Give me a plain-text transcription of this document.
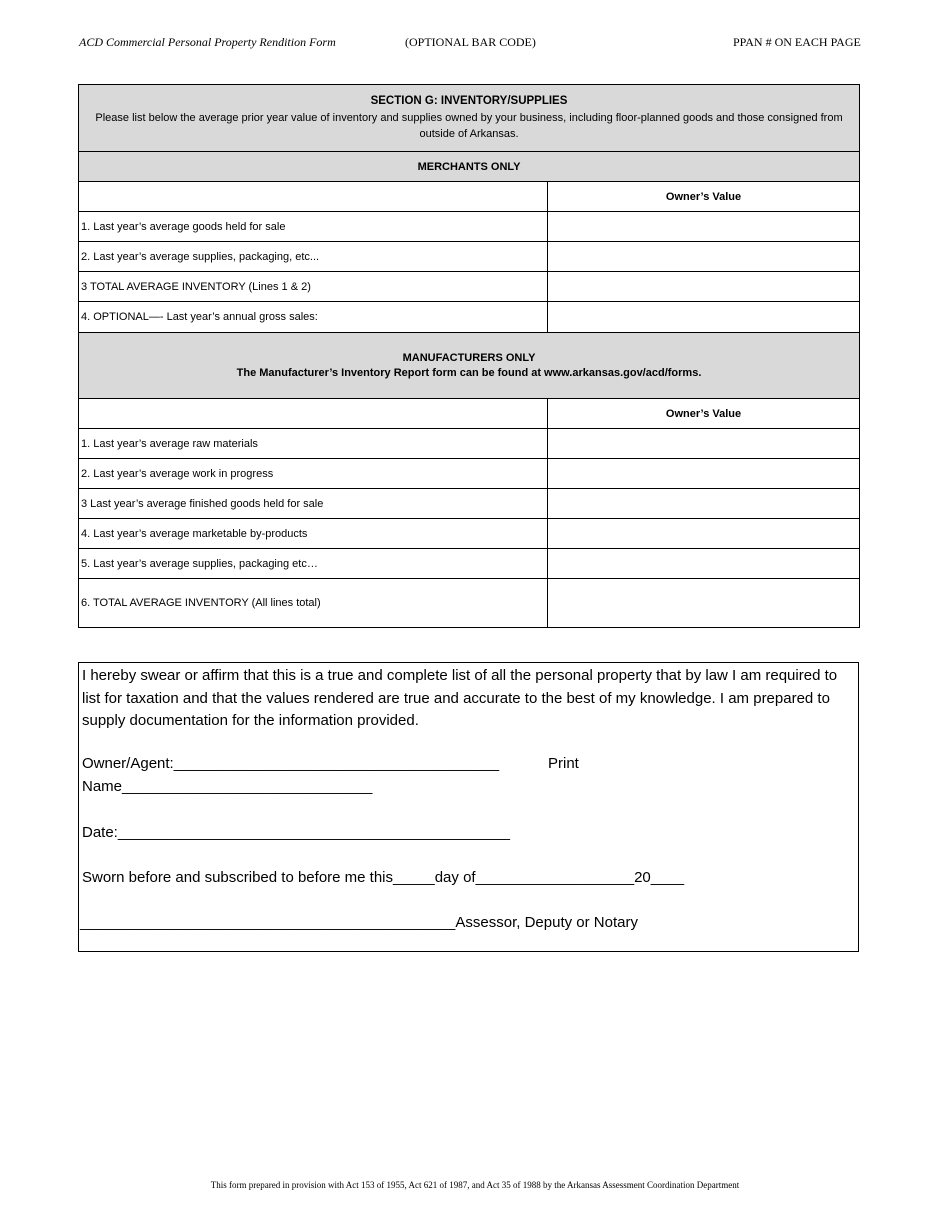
ACD Commercial Personal Property Rendition Form	(OPTIONAL BAR CODE)	PPAN # ON EACH PAGE
SECTION G: INVENTORY/SUPPLIES
Please list below the average prior year value of inventory and supplies owned by your business, including floor-planned goods and those consigned from outside of Arkansas.	

MERCHANTS ONLY	
	Owner’s Value
1. Last year’s average goods held for sale	
2. Last year’s average supplies, packaging, etc...	
3 TOTAL AVERAGE INVENTORY (Lines 1 & 2)	
4. OPTIONAL—- Last year’s annual gross sales:	

MANUFACTURERS ONLY
The Manufacturer’s Inventory Report form can be found at www.arkansas.gov/acd/forms.	

	Owner’s Value
1. Last year’s average raw materials	
2. Last year’s average work in progress	
3 Last year’s average finished goods held for sale	
4. Last year’s average marketable by-products	
5. Last year’s average supplies, packaging etc…	
6. TOTAL AVERAGE INVENTORY (All lines total)	
I hereby swear or affirm that this is a true and complete list of all the personal property that by law I am required to list for taxation and that the values rendered are true and accurate to the best of my knowledge. I am prepared to supply documentation for the information provided.
Owner/Agent:_______________________________________	Print
Name______________________________
Date:_______________________________________________
Sworn before and subscribed to before me this_____day of___________________20____
_____________________________________________Assessor, Deputy or Notary
This form prepared in provision with Act 153 of 1955, Act 621 of 1987, and Act 35 of 1988 by the Arkansas Assessment Coordination Department
